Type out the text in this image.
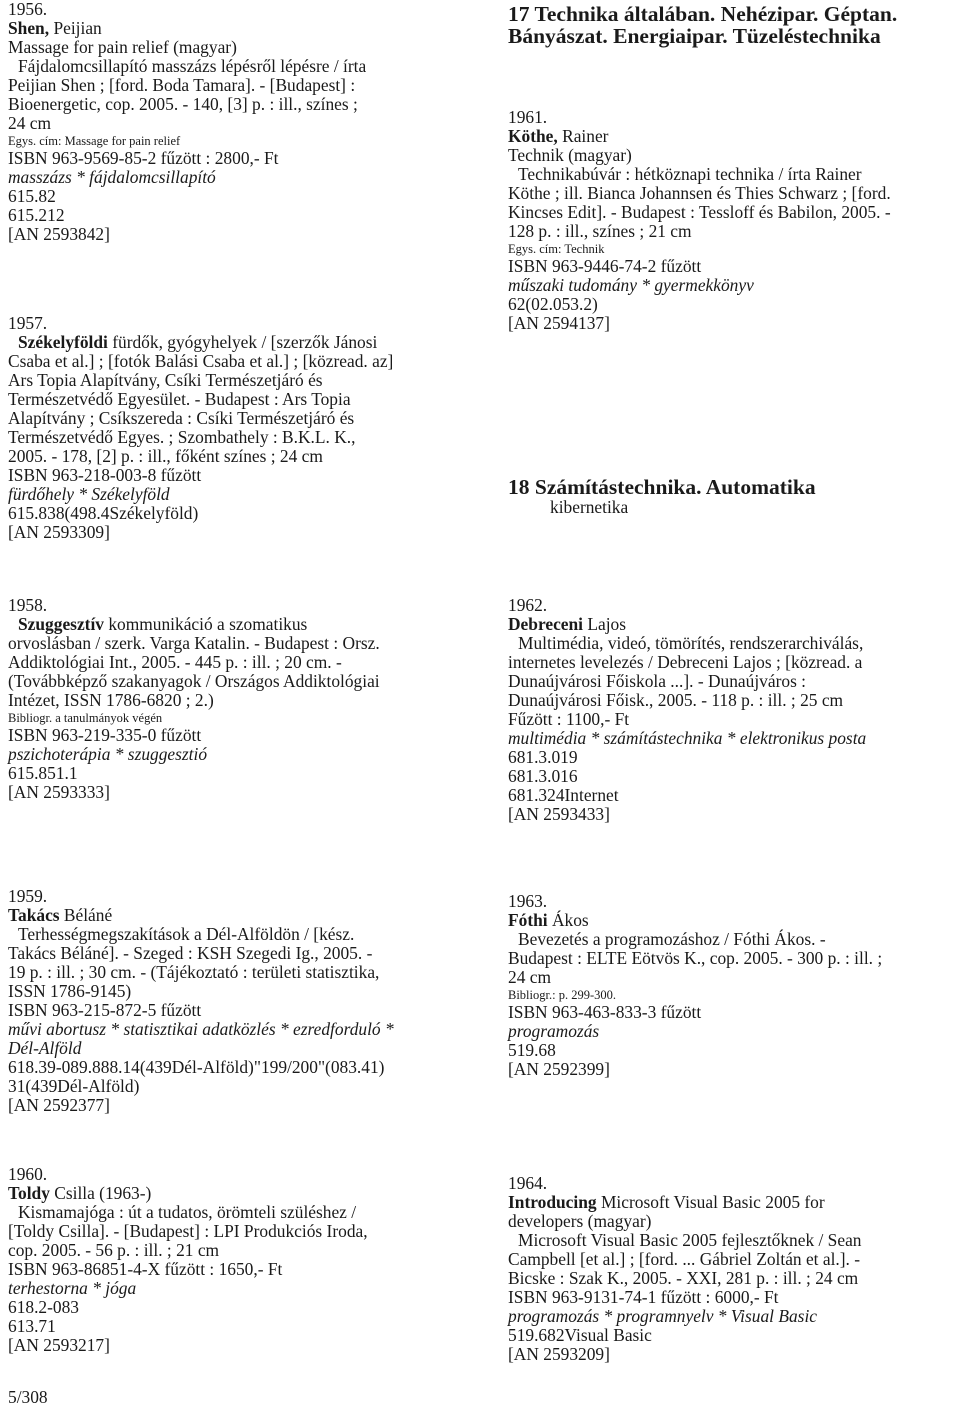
1956.
Shen, Peijian
Massage for pain relief (magyar)
Fájdalomcsillapító masszázs lépésről lépésre / írta
Peijian Shen ; [ford. Boda Tamara]. - [Budapest] :
Bioenergetic, cop. 2005. - 140, [3] p. : ill., színes ;
24 cm
Egys. cím: Massage for pain relief
ISBN 963-9569-85-2 fűzött : 2800,- Ft
masszázs * fájdalomcsillapító
615.82
615.212
[AN 2593842]
1957.
Székelyföldi fürdők, gyógyhelyek / [szerzők Jánosi
Csaba et al.] ; [fotók Balási Csaba et al.] ; [közread. az]
Ars Topia Alapítvány, Csíki Természetjáró és
Természetvédő Egyesület. - Budapest : Ars Topia
Alapítvány ; Csíkszereda : Csíki Természetjáró és
Természetvédő Egyes. ; Szombathely : B.K.L. K.,
2005. - 178, [2] p. : ill., főként színes ; 24 cm
ISBN 963-218-003-8 fűzött
fürdőhely * Székelyföld
615.838(498.4Székelyföld)
[AN 2593309]
1958.
Szuggesztív kommunikáció a szomatikus
orvoslásban / szerk. Varga Katalin. - Budapest : Orsz.
Addiktológiai Int., 2005. - 445 p. : ill. ; 20 cm. -
(Továbbképző szakanyagok / Országos Addiktológiai
Intézet, ISSN 1786-6820 ; 2.)
Bibliogr. a tanulmányok végén
ISBN 963-219-335-0 fűzött
pszichoterápia * szuggesztió
615.851.1
[AN 2593333]
1959.
Takács Béláné
Terhességmegszakítások a Dél-Alföldön / [kész.
Takács Béláné]. - Szeged : KSH Szegedi Ig., 2005. -
19 p. : ill. ; 30 cm. - (Tájékoztató : területi statisztika,
ISSN 1786-9145)
ISBN 963-215-872-5 fűzött
művi abortusz * statisztikai adatközlés * ezredforduló *
Dél-Alföld
618.39-089.888.14(439Dél-Alföld)"199/200"(083.41)
31(439Dél-Alföld)
[AN 2592377]
1960.
Toldy Csilla (1963-)
Kismamajóga : út a tudatos, örömteli szüléshez /
[Toldy Csilla]. - [Budapest] : LPI Produkciós Iroda,
cop. 2005. - 56 p. : ill. ; 21 cm
ISBN 963-86851-4-X fűzött : 1650,- Ft
terhestorna * jóga
618.2-083
613.71
[AN 2593217]
5/308
17 Technika általában. Nehézipar. Géptan.
Bányászat. Energiaipar. Tüzeléstechnika
1961.
Köthe, Rainer
Technik (magyar)
Technikabúvár : hétköznapi technika / írta Rainer
Köthe ; ill. Bianca Johannsen és Thies Schwarz ; [ford.
Kincses Edit]. - Budapest : Tessloff és Babilon, 2005. -
128 p. : ill., színes ; 21 cm
Egys. cím: Technik
ISBN 963-9446-74-2 fűzött
műszaki tudomány * gyermekkönyv
62(02.053.2)
[AN 2594137]
18 Számítástechnika. Automatika
kibernetika
1962.
Debreceni Lajos
Multimédia, videó, tömörítés, rendszerarchiválás,
internetes levelezés / Debreceni Lajos ; [közread. a
Dunaújvárosi Főiskola ...]. - Dunaújváros :
Dunaújvárosi Főisk., 2005. - 118 p. : ill. ; 25 cm
Fűzött : 1100,- Ft
multimédia * számítástechnika * elektronikus posta
681.3.019
681.3.016
681.324Internet
[AN 2593433]
1963.
Fóthi Ákos
Bevezetés a programozáshoz / Fóthi Ákos. -
Budapest : ELTE Eötvös K., cop. 2005. - 300 p. : ill. ;
24 cm
Bibliogr.: p. 299-300.
ISBN 963-463-833-3 fűzött
programozás
519.68
[AN 2592399]
1964.
Introducing Microsoft Visual Basic 2005 for
developers (magyar)
Microsoft Visual Basic 2005 fejlesztőknek / Sean
Campbell [et al.] ; [ford. ... Gábriel Zoltán et al.]. -
Bicske : Szak K., 2005. - XXI, 281 p. : ill. ; 24 cm
ISBN 963-9131-74-1 fűzött : 6000,- Ft
programozás * programnyelv * Visual Basic
519.682Visual Basic
[AN 2593209]
